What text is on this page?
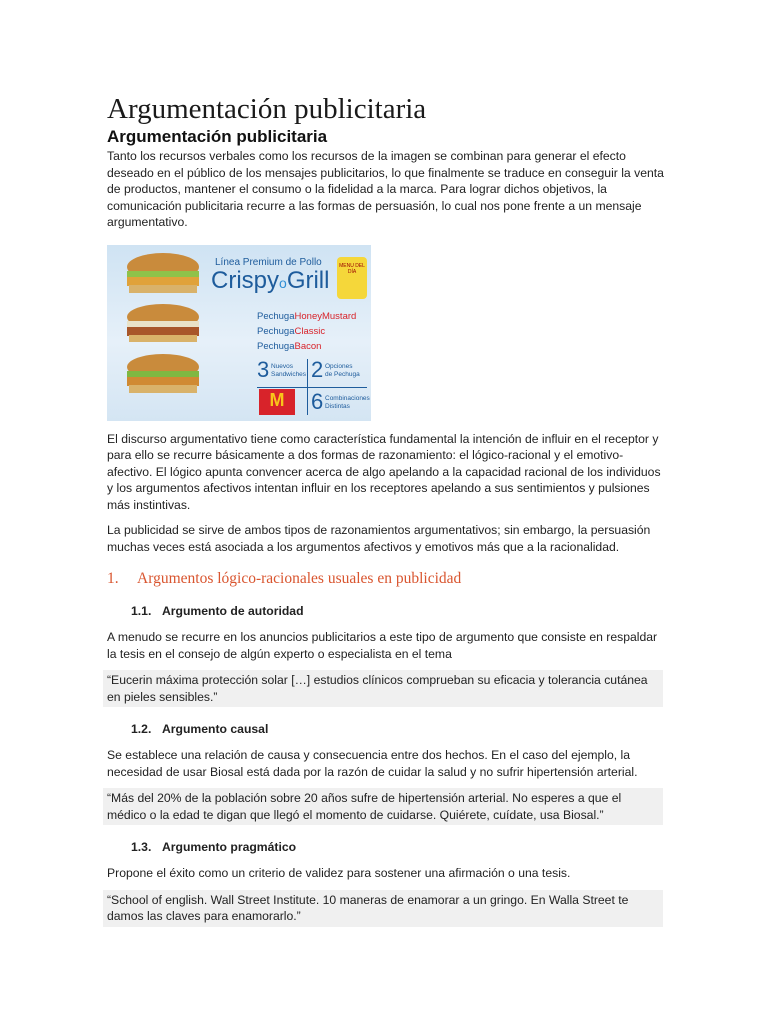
Argumentación publicitaria
Argumentación publicitaria

Tanto los recursos verbales como los recursos de la imagen se combinan para generar el efecto deseado en el público de los mensajes publicitarios, lo que finalmente se traduce en conseguir la venta de productos, mantener el consumo o la fidelidad a la marca. Para lograr dichos objetivos, la comunicación publicitaria recurre a las formas de persuasión, lo cual nos pone frente a un mensaje argumentativo.

Línea Premium de Pollo
CrispyoGrill
MENU DEL DÍA
PechugaHoneyMustard
PechugaClassic
PechugaBacon
3 Nuevos
Sandwiches 2 Opciones
de Pechuga
M	6 Combinaciones
Distintas

El discurso argumentativo tiene como característica fundamental la intención de influir en el receptor y para ello se recurre básicamente a dos formas de razonamiento: el lógico-racional y el emotivo-afectivo. El lógico apunta convencer acerca de algo apelando a la capacidad racional de los individuos y los argumentos afectivos intentan influir en los receptores apelando a sus sentimientos y pulsiones más instintivas.

La publicidad se sirve de ambos tipos de razonamientos argumentativos; sin embargo, la persuasión muchas veces está asociada a los argumentos afectivos y emotivos más que a la racionalidad.

1. Argumentos lógico-racionales usuales en publicidad
1.1. Argumento de autoridad

A menudo se recurre en los anuncios publicitarios a este tipo de argumento que consiste en respaldar la tesis en el consejo de algún experto o especialista en el tema

“Eucerin máxima protección solar […] estudios clínicos comprueban su eficacia y tolerancia cutánea en pieles sensibles.”
1.2. Argumento causal

Se establece una relación de causa y consecuencia entre dos hechos. En el caso del ejemplo, la necesidad de usar Biosal está dada por la razón de cuidar la salud y no sufrir hipertensión arterial.

“Más del 20% de la población sobre 20 años sufre de hipertensión arterial. No esperes a que el médico o la edad te digan que llegó el momento de cuidarse. Quiérete, cuídate, usa Biosal.”
1.3. Argumento pragmático

Propone el éxito como un criterio de validez para sostener una afirmación o una tesis.

“School of english. Wall Street Institute. 10 maneras de enamorar a un gringo. En Walla Street te damos las claves para enamorarlo.”
